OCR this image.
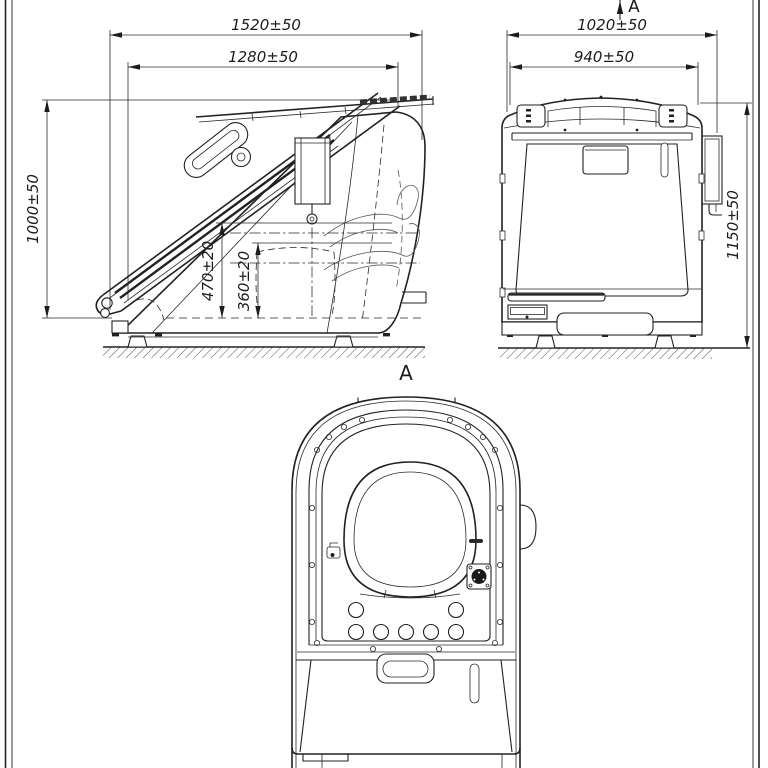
1520±50
1280±50
1000±50
470±20 360±20
1020±50
940±50
1150±50
А
А
